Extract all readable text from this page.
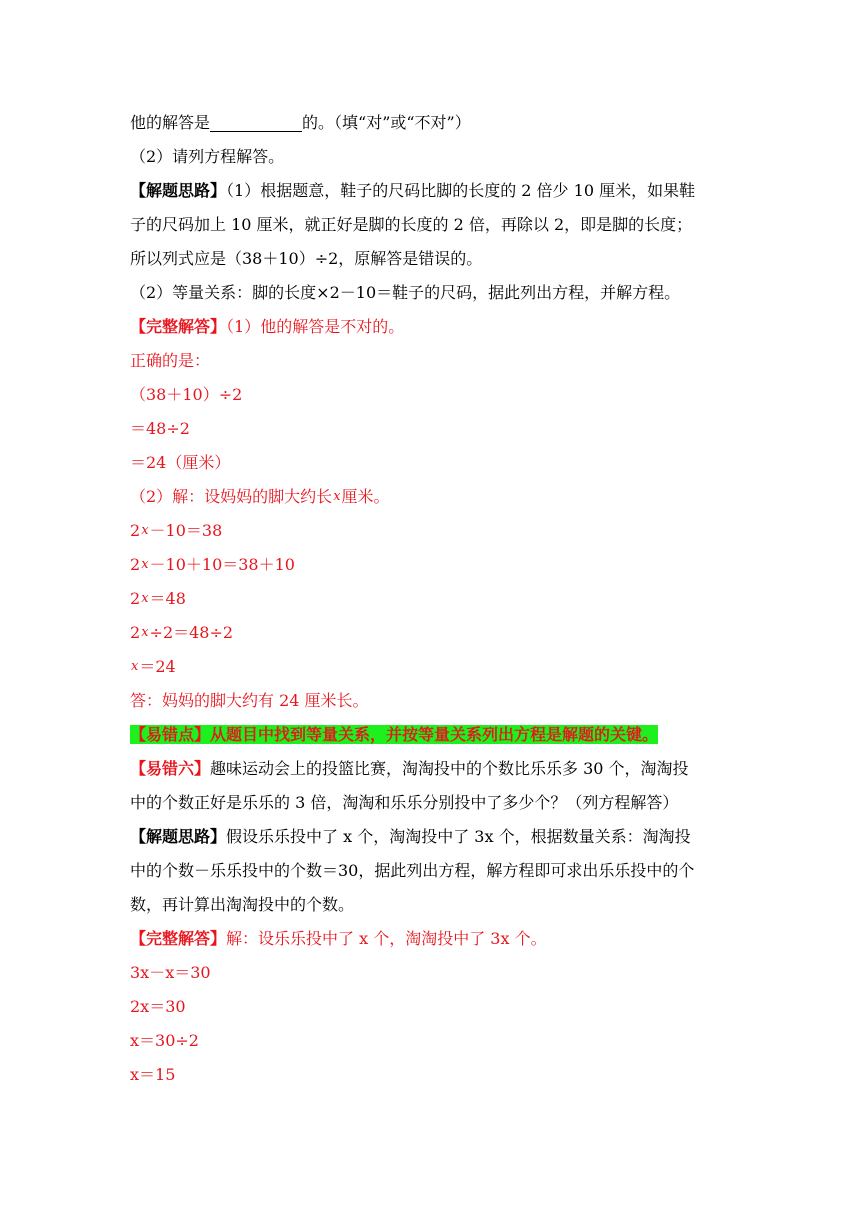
他的解答是	的。（填“对”或“不对”）
（2）请列方程解答。
【解题思路】（1）根据题意，鞋子的尺码比脚的长度的 2 倍少 10 厘米，如果鞋
子的尺码加上 10 厘米，就正好是脚的长度的 2 倍，再除以 2，即是脚的长度；
所以列式应是（38＋10）÷2，原解答是错误的。
（2）等量关系：脚的长度×2－10＝鞋子的尺码，据此列出方程，并解方程。
【完整解答】（1）他的解答是不对的。
正确的是：
（38＋10）÷2
＝48÷2
＝24（厘米）
（2）解：设妈妈的脚大约长x厘米。
2x－10＝38
2x－10＋10＝38＋10
2x＝48
2x÷2＝48÷2
x＝24
答：妈妈的脚大约有 24 厘米长。
【易错点】从题目中找到等量关系，并按等量关系列出方程是解题的关键。
【易错六】趣味运动会上的投篮比赛，淘淘投中的个数比乐乐多 30 个，淘淘投
中的个数正好是乐乐的 3 倍，淘淘和乐乐分别投中了多少个？（列方程解答）
【解题思路】假设乐乐投中了 x 个，淘淘投中了 3x 个，根据数量关系：淘淘投
中的个数－乐乐投中的个数＝30，据此列出方程，解方程即可求出乐乐投中的个
数，再计算出淘淘投中的个数。
【完整解答】解：设乐乐投中了 x 个，淘淘投中了 3x 个。
3x－x＝30
2x＝30
x＝30÷2
x＝15
